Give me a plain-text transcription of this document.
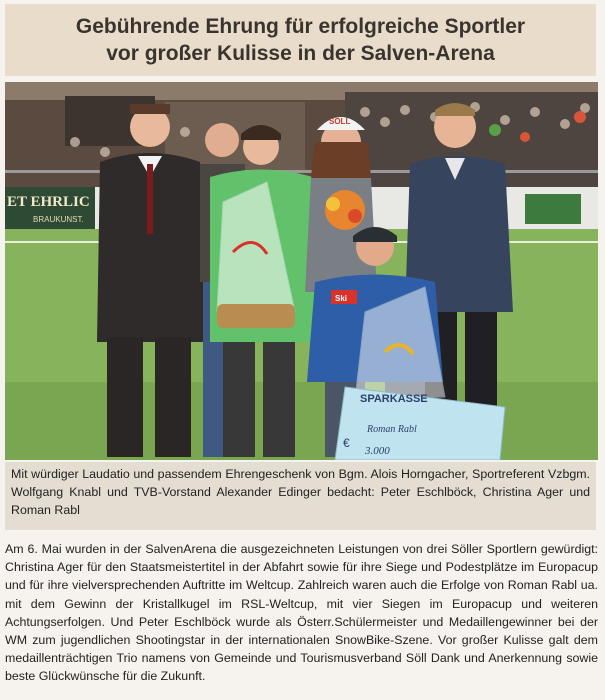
Gebührende Ehrung für erfolgreiche Sportler
vor großer Kulisse in der Salven-Arena
ET EHRLIC
BRAUKUNST.
SÖLL
Ski
SPARKASSE
Roman Rabl
€
3.000
Mit würdiger Laudatio und passendem Ehrengeschenk von Bgm. Alois Horngacher, Sportreferent Vzbgm. Wolfgang Knabl und TVB-Vorstand Alexander Edinger bedacht: Peter Eschlböck, Christina Ager und Roman Rabl
Am 6. Mai wurden in der SalvenArena die ausgezeichneten Leistungen von drei Söller Sportlern gewürdigt: Christina Ager für den Staatsmeistertitel in der Abfahrt sowie für ihre Siege und Podestplätze im Europacup und für ihre vielversprechenden Auftritte im Weltcup. Zahlreich waren auch die Erfolge von Roman Rabl ua. mit dem Gewinn der Kristallkugel im RSL-Weltcup, mit vier Siegen im Europacup und weiteren Achtungserfolgen. Und Peter Eschlböck wurde als Österr.Schülermeister und Medaillengewinner bei der WM zum jugendlichen Shootingstar in der internationalen SnowBike-Szene. Vor großer Kulisse galt dem medaillenträchtigen Trio namens von Gemeinde und Tourismusverband Söll Dank und Anerkennung sowie beste Glückwünsche für die Zukunft.
